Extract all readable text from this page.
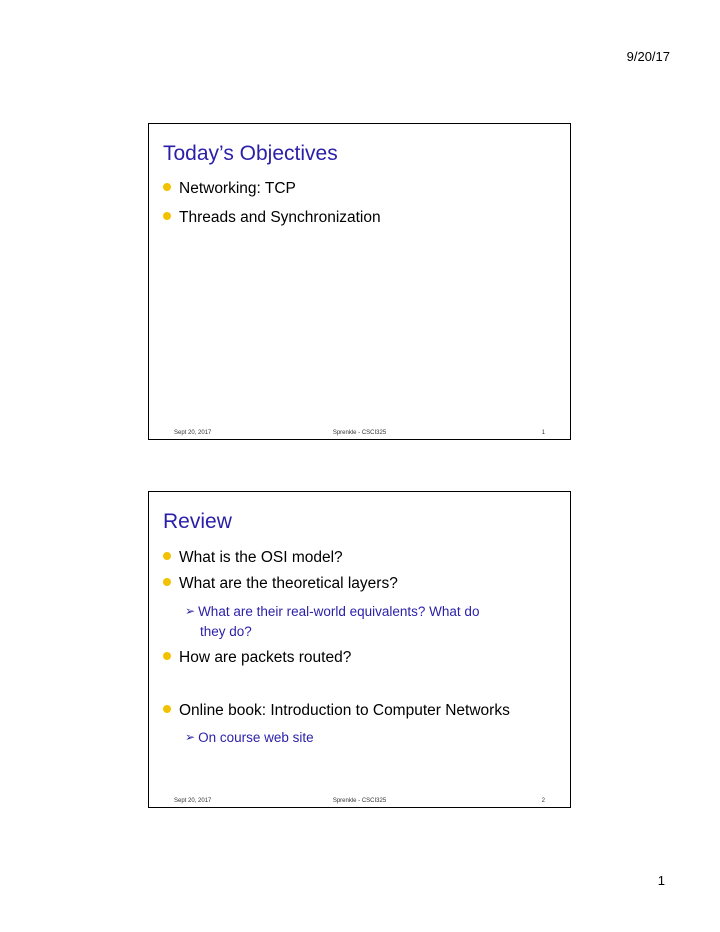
9/20/17
Today’s Objectives
Networking: TCP
Threads and Synchronization
Sept 20, 2017	Sprenkle - CSCI325	1
Review
What is the OSI model?
What are the theoretical layers?
➢ What are their real-world equivalents? What do
they do?
How are packets routed?
Online book: Introduction to Computer Networks
➢ On course web site
Sept 20, 2017	Sprenkle - CSCI325	2
1
